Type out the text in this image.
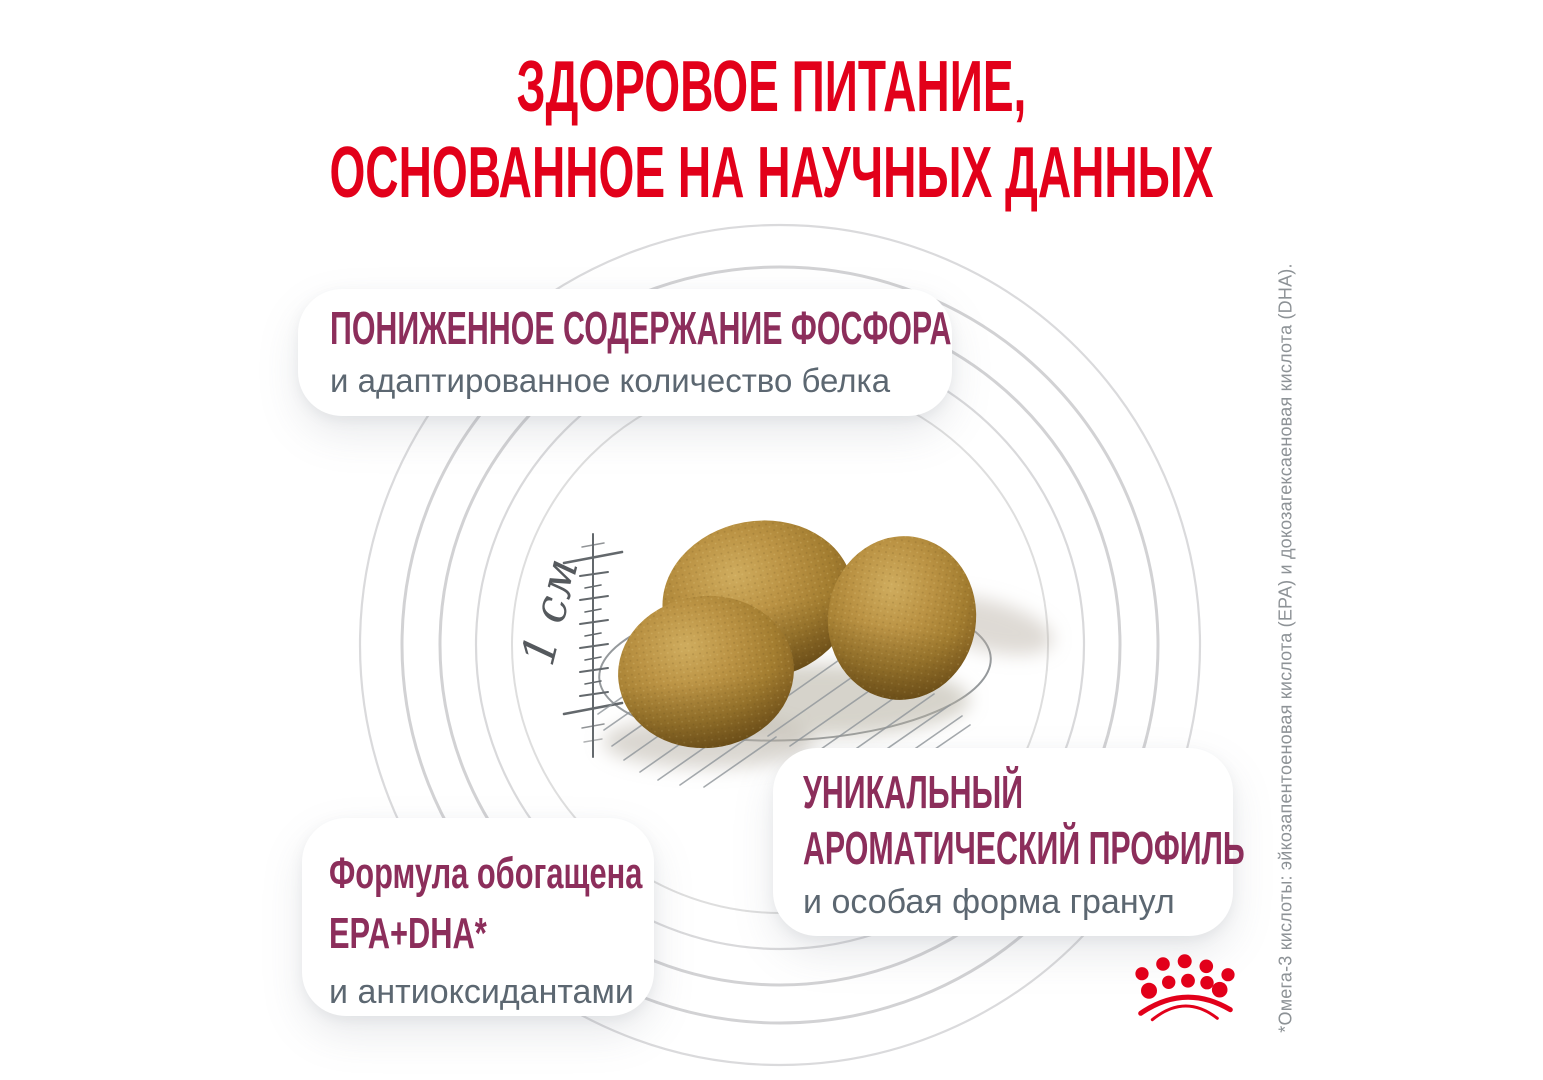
1 см
ЗДОРОВОЕ ПИТАНИЕ,
ОСНОВАННОЕ НА НАУЧНЫХ ДАННЫХ
ПОНИЖЕННОЕ СОДЕРЖАНИЕ ФОСФОРА
и адаптированное количество белка
УНИКАЛЬНЫЙ
АРОМАТИЧЕСКИЙ ПРОФИЛЬ
и особая форма гранул
Формула обогащена
EPA+DHA*
и антиоксидантами	*Омега-3 кислоты: эйкозапентоеновая кислота (EPA) и докозагексаеновая кислота (DHA).
